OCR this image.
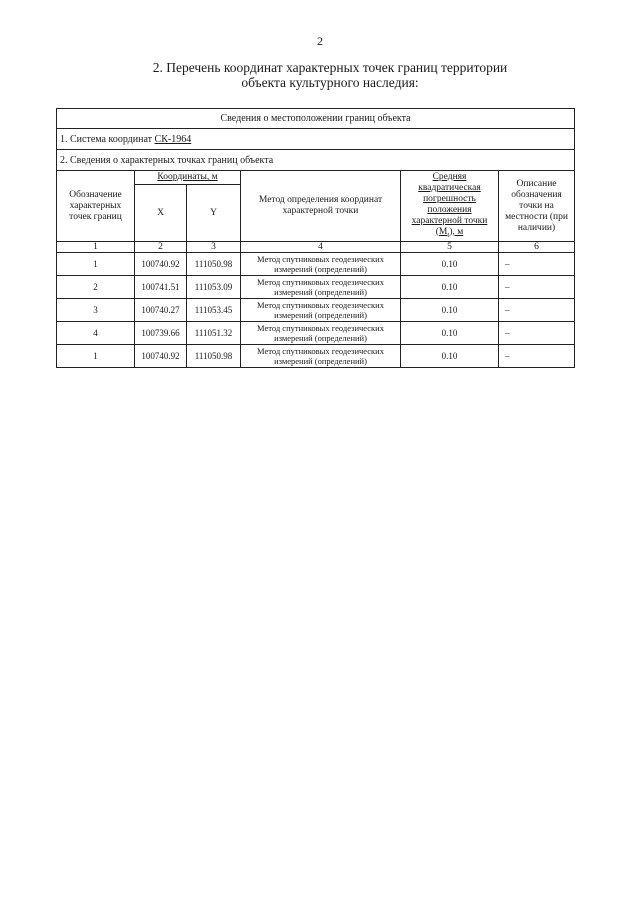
2
2. Перечень координат характерных точек границ территории
объекта культурного наследия:
Сведения о местоположении границ объекта					
1. Система координат СК-1964					
2. Сведения о характерных точках границ объекта					
Обозначение характерных точек границ	Координаты, м		Метод определения координат характерной точки	Средняя квадратическая погрешность положения характерной точки $(M_t)$, м	Описание обозначения точки на местности (при наличии)
	X	Y			
1	2	3	4	5	6
1	100740.92	111050.98	Метод спутниковых геодезических измерений (определений)	0.10	–
2	100741.51	111053.09	Метод спутниковых геодезических измерений (определений)	0.10	–
3	100740.27	111053.45	Метод спутниковых геодезических измерений (определений)	0.10	–
4	100739.66	111051.32	Метод спутниковых геодезических измерений (определений)	0.10	–
1	100740.92	111050.98	Метод спутниковых геодезических измерений (определений)	0.10	–
